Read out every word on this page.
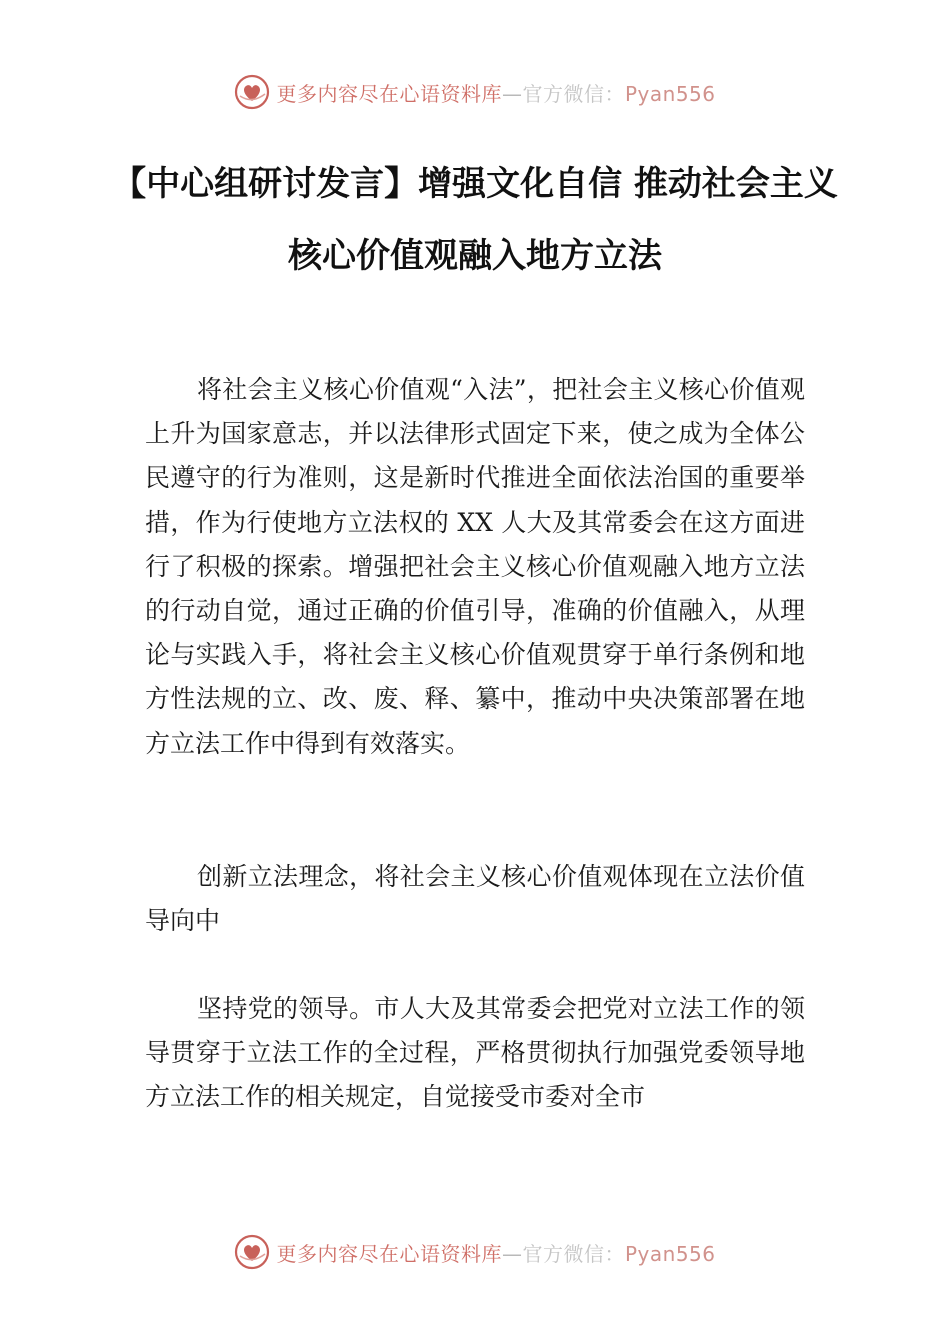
更多内容尽在心语资料库—官方微信：Pyan556
【中心组研讨发言】增强文化自信 推动社会主义核心价值观融入地方立法

将社会主义核心价值观“入法”，把社会主义核心价值观上升为国家意志，并以法律形式固定下来，使之成为全体公民遵守的行为准则，这是新时代推进全面依法治国的重要举措，作为行使地方立法权的 XX 人大及其常委会在这方面进行了积极的探索。增强把社会主义核心价值观融入地方立法的行动自觉，通过正确的价值引导，准确的价值融入，从理论与实践入手，将社会主义核心价值观贯穿于单行条例和地方性法规的立、改、废、释、纂中，推动中央决策部署在地方立法工作中得到有效落实。

创新立法理念，将社会主义核心价值观体现在立法价值导向中

坚持党的领导。市人大及其常委会把党对立法工作的领导贯穿于立法工作的全过程，严格贯彻执行加强党委领导地方立法工作的相关规定，自觉接受市委对全市

更多内容尽在心语资料库—官方微信：Pyan556
